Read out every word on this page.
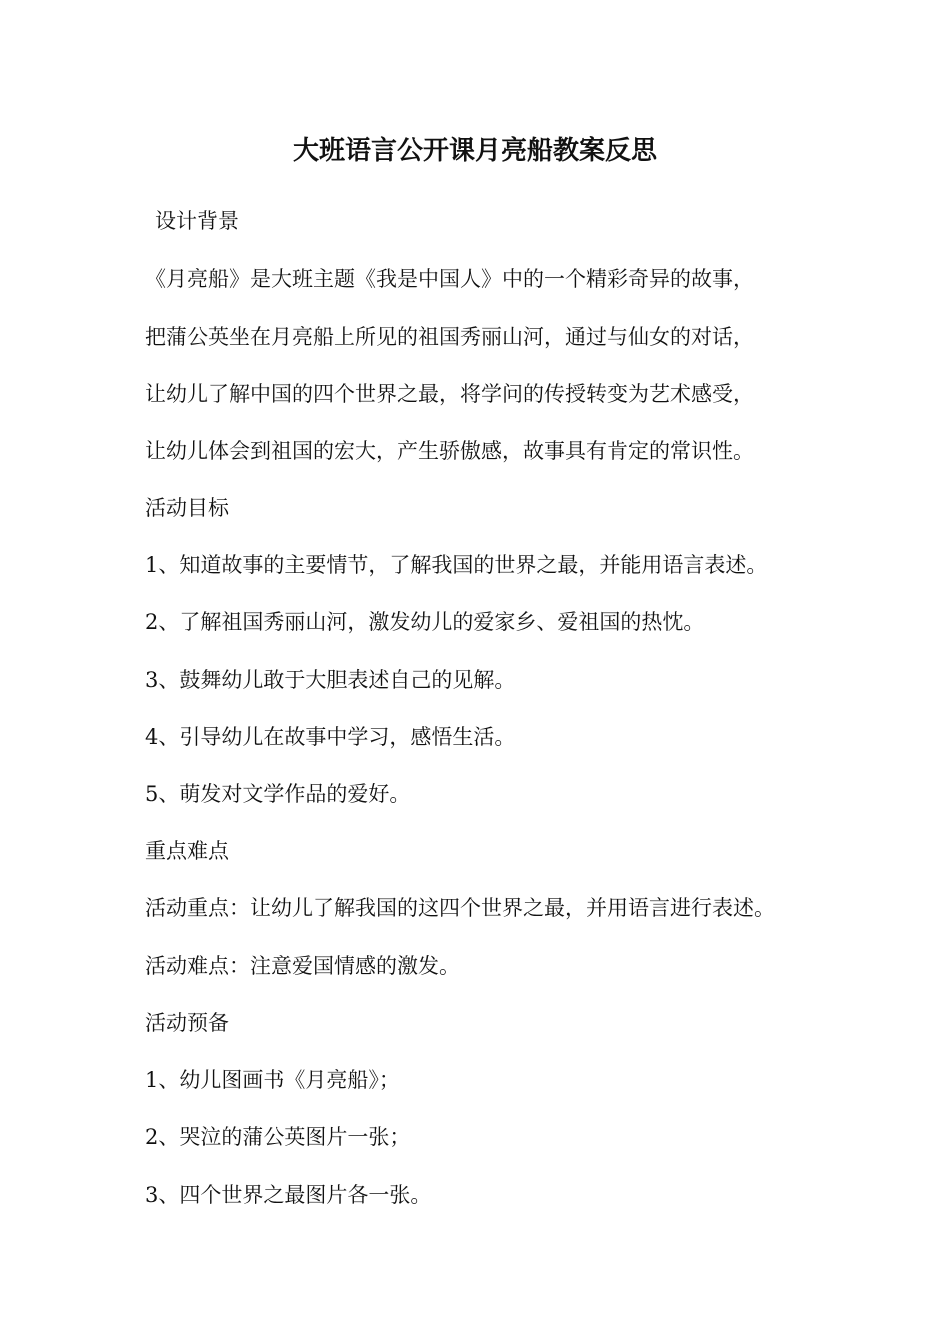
大班语言公开课月亮船教案反思
设计背景
《月亮船》是大班主题《我是中国人》中的一个精彩奇异的故事，
把蒲公英坐在月亮船上所见的祖国秀丽山河，通过与仙女的对话，
让幼儿了解中国的四个世界之最，将学问的传授转变为艺术感受，
让幼儿体会到祖国的宏大，产生骄傲感，故事具有肯定的常识性。
活动目标
1、知道故事的主要情节，了解我国的世界之最，并能用语言表述。
2、了解祖国秀丽山河，激发幼儿的爱家乡、爱祖国的热忱。
3、鼓舞幼儿敢于大胆表述自己的见解。
4、引导幼儿在故事中学习，感悟生活。
5、萌发对文学作品的爱好。
重点难点
活动重点：让幼儿了解我国的这四个世界之最，并用语言进行表述。
活动难点：注意爱国情感的激发。
活动预备
1、幼儿图画书《月亮船》；
2、哭泣的蒲公英图片一张；
3、四个世界之最图片各一张。
